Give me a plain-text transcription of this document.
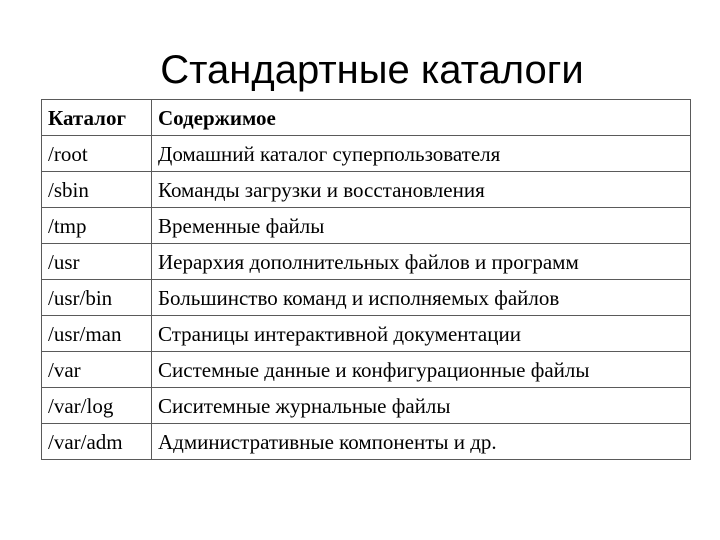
Стандартные каталоги
Каталог	Содержимое
/root	Домашний каталог суперпользователя
/sbin	Команды загрузки и восстановления
/tmp	Временные файлы
/usr	Иерархия дополнительных файлов и программ
/usr/bin	Большинство команд и исполняемых файлов
/usr/man	Страницы интерактивной документации
/var	Системные данные и конфигурационные файлы
/var/log	Сиситемные журнальные файлы
/var/adm	Административные компоненты и др.
